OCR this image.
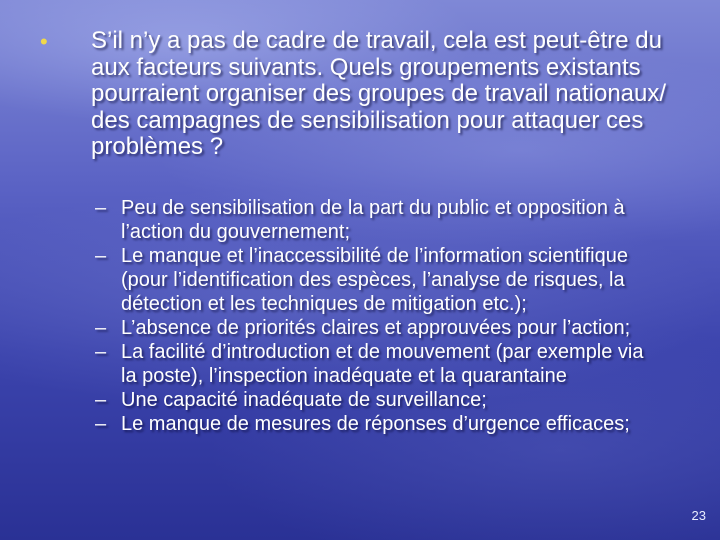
• S’il n’y a pas de cadre de travail, cela est peut-être du aux facteurs suivants. Quels groupements existants pourraient organiser des groupes de travail nationaux/ des campagnes de sensibilisation pour attaquer ces problèmes ?
– Peu de sensibilisation de la part du public et opposition à l’action du gouvernement;
– Le manque et l’inaccessibilité de l’information scientifique (pour l’identification des espèces, l’analyse de risques, la détection et les techniques de mitigation etc.);
– L’absence de priorités claires et approuvées pour l’action;
– La facilité d’introduction et de mouvement (par exemple via la poste), l’inspection inadéquate et la quarantaine
– Une capacité inadéquate de surveillance;
– Le manque de mesures de réponses d’urgence efficaces;
23
